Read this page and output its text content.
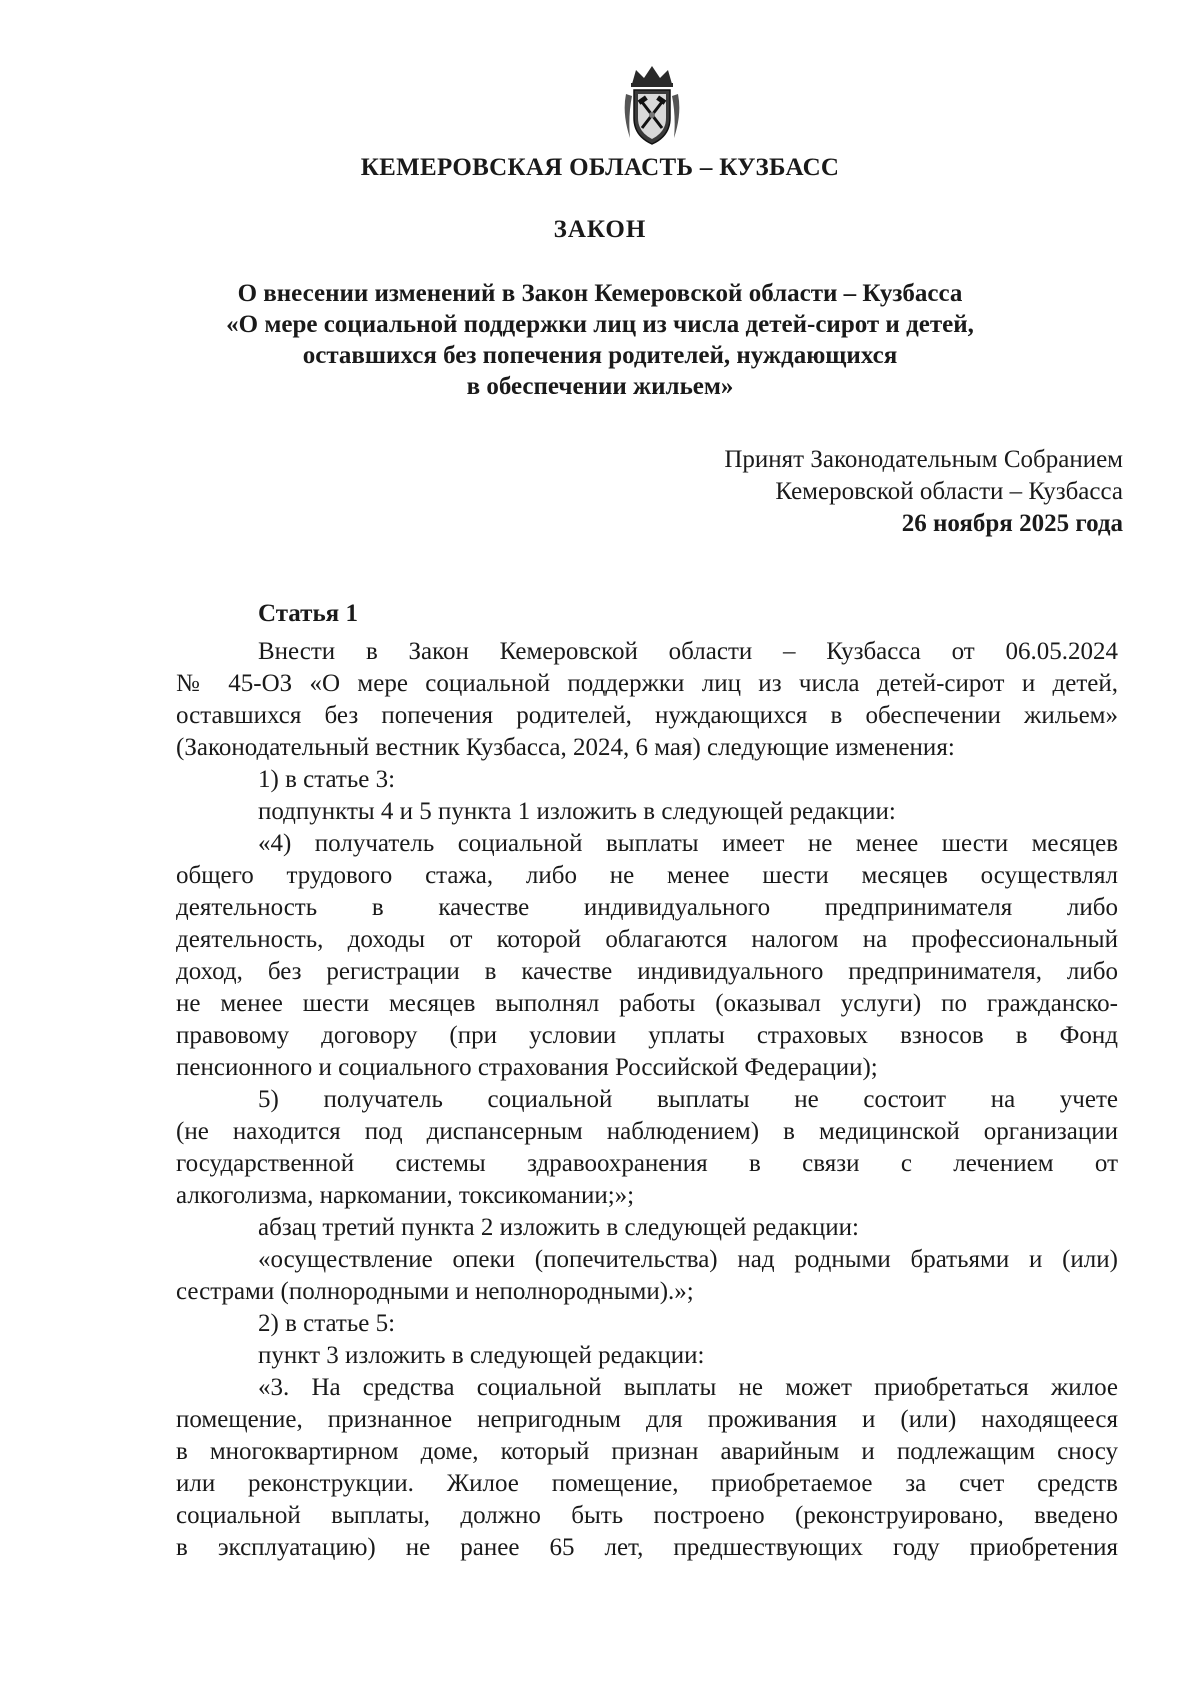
КЕМЕРОВСКАЯ ОБЛАСТЬ – КУЗБАСС
ЗАКОН
О внесении изменений в Закон Кемеровской области – Кузбасса
«О мере социальной поддержки лиц из числа детей-сирот и детей,
оставшихся без попечения родителей, нуждающихся
в обеспечении жильем»
Принят Законодательным Собранием
Кемеровской области – Кузбасса
26 ноября 2025 года
Статья 1
Внести в Закон Кемеровской области – Кузбасса от 06.05.2024
№ 45-ОЗ «О мере социальной поддержки лиц из числа детей-сирот и детей,
оставшихся без попечения родителей, нуждающихся в обеспечении жильем»
(Законодательный вестник Кузбасса, 2024, 6 мая) следующие изменения:
1) в статье 3:
подпункты 4 и 5 пункта 1 изложить в следующей редакции:
«4) получатель социальной выплаты имеет не менее шести месяцев
общего трудового стажа, либо не менее шести месяцев осуществлял
деятельность в качестве индивидуального предпринимателя либо
деятельность, доходы от которой облагаются налогом на профессиональный
доход, без регистрации в качестве индивидуального предпринимателя, либо
не менее шести месяцев выполнял работы (оказывал услуги) по гражданско-
правовому договору (при условии уплаты страховых взносов в Фонд
пенсионного и социального страхования Российской Федерации);
5) получатель социальной выплаты не состоит на учете
(не находится под диспансерным наблюдением) в медицинской организации
государственной системы здравоохранения в связи с лечением от
алкоголизма, наркомании, токсикомании;»;
абзац третий пункта 2 изложить в следующей редакции:
«осуществление опеки (попечительства) над родными братьями и (или)
сестрами (полнородными и неполнородными).»;
2) в статье 5:
пункт 3 изложить в следующей редакции:
«3. На средства социальной выплаты не может приобретаться жилое
помещение, признанное непригодным для проживания и (или) находящееся
в многоквартирном доме, который признан аварийным и подлежащим сносу
или реконструкции. Жилое помещение, приобретаемое за счет средств
социальной выплаты, должно быть построено (реконструировано, введено
в эксплуатацию) не ранее 65 лет, предшествующих году приобретения
